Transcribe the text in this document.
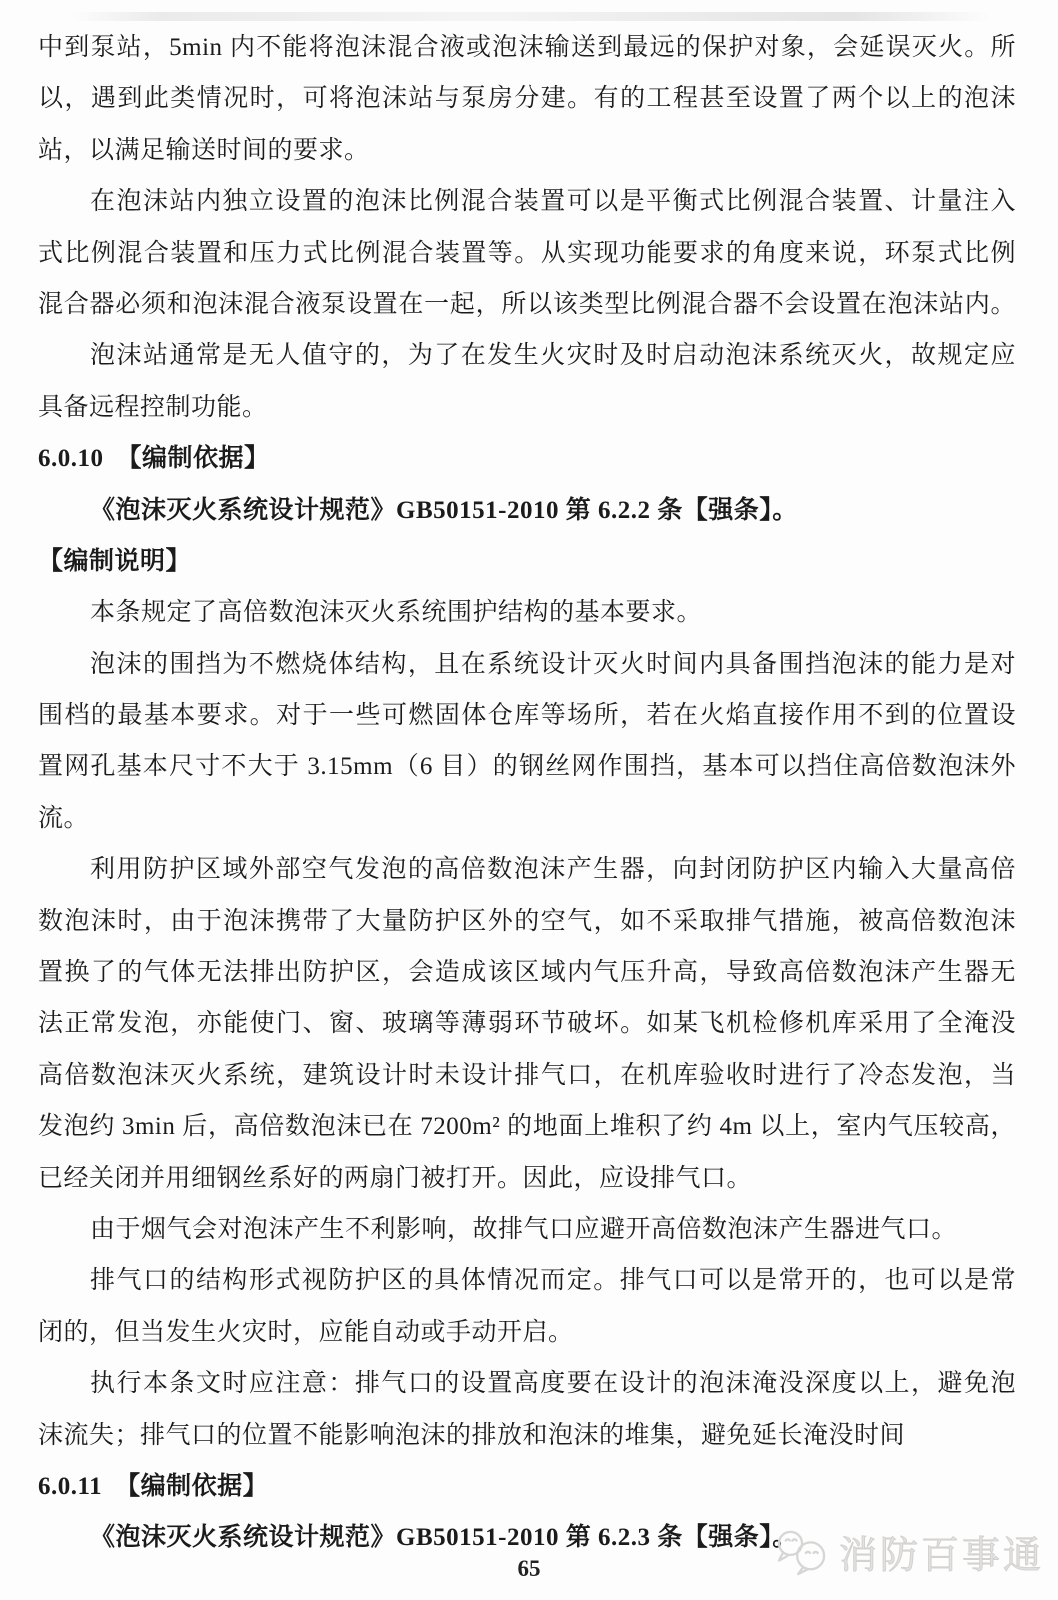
中到泵站，5min 内不能将泡沫混合液或泡沫输送到最远的保护对象，会延误灭火。所
以，遇到此类情况时，可将泡沫站与泵房分建。有的工程甚至设置了两个以上的泡沫
站，以满足输送时间的要求。
在泡沫站内独立设置的泡沫比例混合装置可以是平衡式比例混合装置、计量注入
式比例混合装置和压力式比例混合装置等。从实现功能要求的角度来说，环泵式比例
混合器必须和泡沫混合液泵设置在一起，所以该类型比例混合器不会设置在泡沫站内。
泡沫站通常是无人值守的，为了在发生火灾时及时启动泡沫系统灭火，故规定应
具备远程控制功能。
6.0.10　【编制依据】
《泡沫灭火系统设计规范》GB50151-2010 第 6.2.2 条【强条】。
【编制说明】
本条规定了高倍数泡沫灭火系统围护结构的基本要求。
泡沫的围挡为不燃烧体结构，且在系统设计灭火时间内具备围挡泡沫的能力是对
围档的最基本要求。对于一些可燃固体仓库等场所，若在火焰直接作用不到的位置设
置网孔基本尺寸不大于 3.15mm（6 目）的钢丝网作围挡，基本可以挡住高倍数泡沫外
流。
利用防护区域外部空气发泡的高倍数泡沫产生器，向封闭防护区内输入大量高倍
数泡沫时，由于泡沫携带了大量防护区外的空气，如不采取排气措施，被高倍数泡沫
置换了的气体无法排出防护区，会造成该区域内气压升高，导致高倍数泡沫产生器无
法正常发泡，亦能使门、窗、玻璃等薄弱环节破坏。如某飞机检修机库采用了全淹没
高倍数泡沫灭火系统，建筑设计时未设计排气口，在机库验收时进行了冷态发泡，当
发泡约 3min 后，高倍数泡沫已在 7200m² 的地面上堆积了约 4m 以上，室内气压较高，
已经关闭并用细钢丝系好的两扇门被打开。因此，应设排气口。
由于烟气会对泡沫产生不利影响，故排气口应避开高倍数泡沫产生器进气口。
排气口的结构形式视防护区的具体情况而定。排气口可以是常开的，也可以是常
闭的，但当发生火灾时，应能自动或手动开启。
执行本条文时应注意：排气口的设置高度要在设计的泡沫淹没深度以上，避免泡
沫流失；排气口的位置不能影响泡沫的排放和泡沫的堆集，避免延长淹没时间
6.0.11　【编制依据】
《泡沫灭火系统设计规范》GB50151-2010 第 6.2.3 条【强条】。
65	消防百事通
